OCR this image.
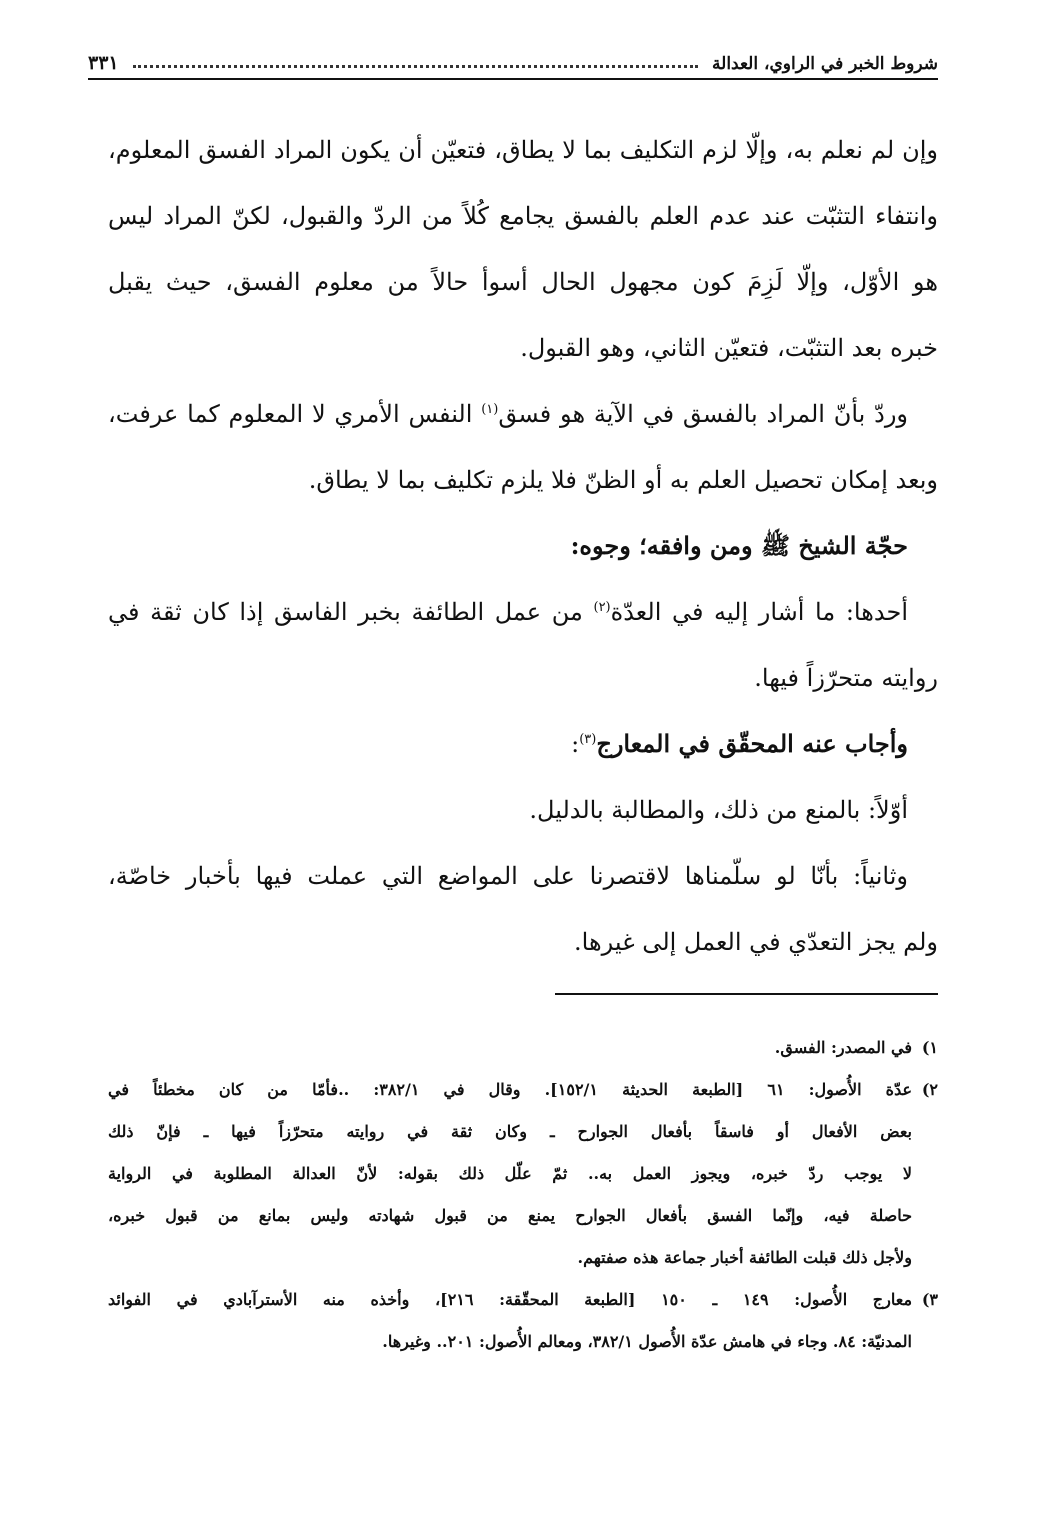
شروط الخبر في الراوي، العدالة
٣٣١
وإن لم نعلم به، وإلّا لزم التكليف بما لا يطاق، فتعيّن أن يكون المراد الفسق المعلوم،
وانتفاء التثبّت عند عدم العلم بالفسق يجامع كُلاً من الردّ والقبول، لكنّ المراد ليس
هو الأوّل، وإلّا لَزِمَ كون مجهول الحال أسوأ حالاً من معلوم الفسق، حيث يقبل
خبره بعد التثبّت، فتعيّن الثاني، وهو القبول.
وردّ بأنّ المراد بالفسق في الآية هو فسق$^{(١)}$ النفس الأمري لا المعلوم كما عرفت،
وبعد إمكان تحصيل العلم به أو الظنّ فلا يلزم تكليف بما لا يطاق.
حجّة الشيخ ﷺ ومن وافقه؛ وجوه:
أحدها: ما أشار إليه في العدّة$^{(٢)}$ من عمل الطائفة بخبر الفاسق إذا كان ثقة في
روايته متحرّزاً فيها.
وأجاب عنه المحقّق في المعارج$^{(٣)}$:
أوّلاً: بالمنع من ذلك، والمطالبة بالدليل.
وثانياً: بأنّا لو سلّمناها لاقتصرنا على المواضع التي عملت فيها بأخبار خاصّة،
ولم يجز التعدّي في العمل إلى غيرها.
١)
في المصدر: الفسق.
٢)
عدّة الأُصول: ٦١ [الطبعة الحديثة ١٥٢/١]. وقال في ٣٨٢/١: ..فأمّا من كان مخطئاً في
بعض الأفعال أو فاسقاً بأفعال الجوارح ـ وكان ثقة في روايته متحرّزاً فيها ـ فإنّ ذلك
لا يوجب ردّ خبره، ويجوز العمل به.. ثمّ علّل ذلك بقوله: لأنّ العدالة المطلوبة في الرواية
حاصلة فيه، وإنّما الفسق بأفعال الجوارح يمنع من قبول شهادته وليس بمانع من قبول خبره،
ولأجل ذلك قبلت الطائفة أخبار جماعة هذه صفتهم.
٣)
معارج الأُصول: ١٤٩ ـ ١٥٠ [الطبعة المحقّقة: ٢١٦]، وأخذه منه الأسترآبادي في الفوائد
المدنيّة: ٨٤. وجاء في هامش عدّة الأُصول ٣٨٢/١، ومعالم الأُصول: ٢٠١.. وغيرها.
